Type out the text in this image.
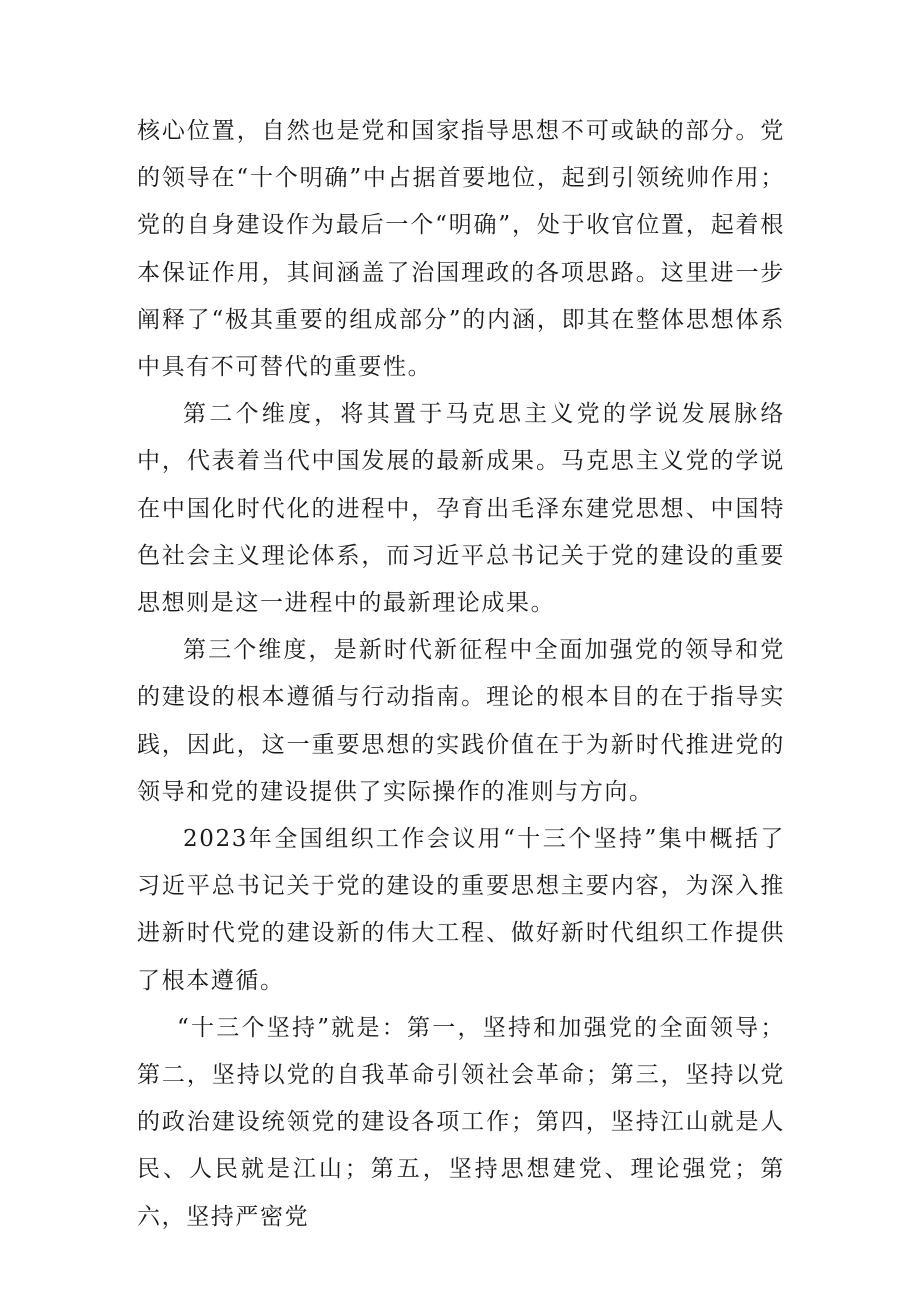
核心位置，自然也是党和国家指导思想不可或缺的部分。党的领导在“十个明确”中占据首要地位，起到引领统帅作用；党的自身建设作为最后一个“明确”，处于收官位置，起着根本保证作用，其间涵盖了治国理政的各项思路。这里进一步阐释了“极其重要的组成部分”的内涵，即其在整体思想体系中具有不可替代的重要性。

第二个维度，将其置于马克思主义党的学说发展脉络中，代表着当代中国发展的最新成果。马克思主义党的学说在中国化时代化的进程中，孕育出毛泽东建党思想、中国特色社会主义理论体系，而习近平总书记关于党的建设的重要思想则是这一进程中的最新理论成果。

第三个维度，是新时代新征程中全面加强党的领导和党的建设的根本遵循与行动指南。理论的根本目的在于指导实践，因此，这一重要思想的实践价值在于为新时代推进党的领导和党的建设提供了实际操作的准则与方向。

2023年全国组织工作会议用“十三个坚持”集中概括了习近平总书记关于党的建设的重要思想主要内容，为深入推进新时代党的建设新的伟大工程、做好新时代组织工作提供了根本遵循。

“十三个坚持”就是：第一，坚持和加强党的全面领导；第二，坚持以党的自我革命引领社会革命；第三，坚持以党的政治建设统领党的建设各项工作；第四，坚持江山就是人民、人民就是江山；第五，坚持思想建党、理论强党；第六，坚持严密党
